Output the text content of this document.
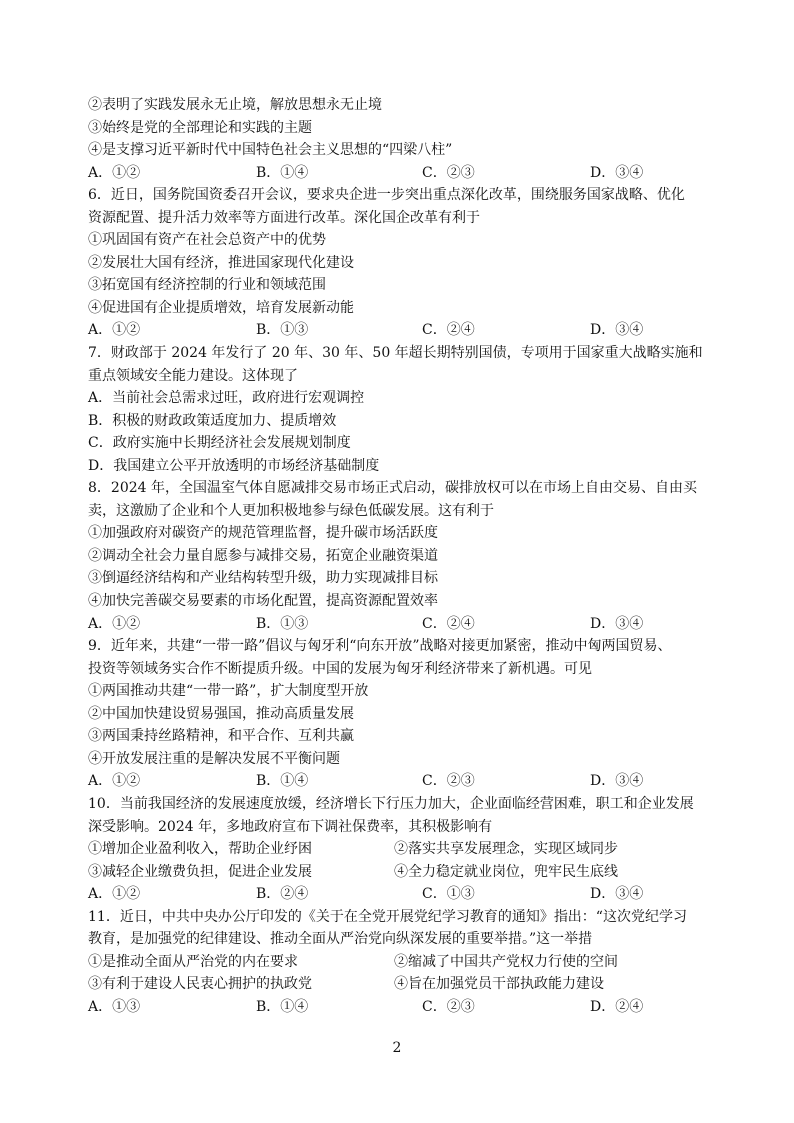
②表明了实践发展永无止境，解放思想永无止境
③始终是党的全部理论和实践的主题
④是支撑习近平新时代中国特色社会主义思想的“四梁八柱”
A．①②	B．①④	C．②③	D．③④
6．近日，国务院国资委召开会议，要求央企进一步突出重点深化改革，围绕服务国家战略、优化
资源配置、提升活力效率等方面进行改革。深化国企改革有利于
①巩固国有资产在社会总资产中的优势
②发展壮大国有经济，推进国家现代化建设
③拓宽国有经济控制的行业和领域范围
④促进国有企业提质增效，培育发展新动能
A．①②	B．①③	C．②④	D．③④
7．财政部于 2024 年发行了 20 年、30 年、50 年超长期特别国债，专项用于国家重大战略实施和
重点领域安全能力建设。这体现了
A．当前社会总需求过旺，政府进行宏观调控
B．积极的财政政策适度加力、提质增效
C．政府实施中长期经济社会发展规划制度
D．我国建立公平开放透明的市场经济基础制度
8．2024 年，全国温室气体自愿减排交易市场正式启动，碳排放权可以在市场上自由交易、自由买
卖，这激励了企业和个人更加积极地参与绿色低碳发展。这有利于
①加强政府对碳资产的规范管理监督，提升碳市场活跃度
②调动全社会力量自愿参与减排交易，拓宽企业融资渠道
③倒逼经济结构和产业结构转型升级，助力实现减排目标
④加快完善碳交易要素的市场化配置，提高资源配置效率
A．①②	B．①③	C．②④	D．③④
9．近年来，共建“一带一路”倡议与匈牙利“向东开放”战略对接更加紧密，推动中匈两国贸易、
投资等领域务实合作不断提质升级。中国的发展为匈牙利经济带来了新机遇。可见
①两国推动共建“一带一路”，扩大制度型开放
②中国加快建设贸易强国，推动高质量发展
③两国秉持丝路精神，和平合作、互利共赢
④开放发展注重的是解决发展不平衡问题
A．①②	B．①④	C．②③	D．③④
10．当前我国经济的发展速度放缓，经济增长下行压力加大，企业面临经营困难，职工和企业发展
深受影响。2024 年，多地政府宣布下调社保费率，其积极影响有
①增加企业盈利收入，帮助企业纾困	②落实共享发展理念，实现区域同步
③减轻企业缴费负担，促进企业发展	④全力稳定就业岗位，兜牢民生底线
A．①②	B．②④	C．①③	D．③④
11．近日，中共中央办公厅印发的《关于在全党开展党纪学习教育的通知》指出：“这次党纪学习
教育，是加强党的纪律建设、推动全面从严治党向纵深发展的重要举措。”这一举措
①是推动全面从严治党的内在要求	②缩减了中国共产党权力行使的空间
③有利于建设人民衷心拥护的执政党	④旨在加强党员干部执政能力建设
A．①③	B．①④	C．②③	D．②④
2
